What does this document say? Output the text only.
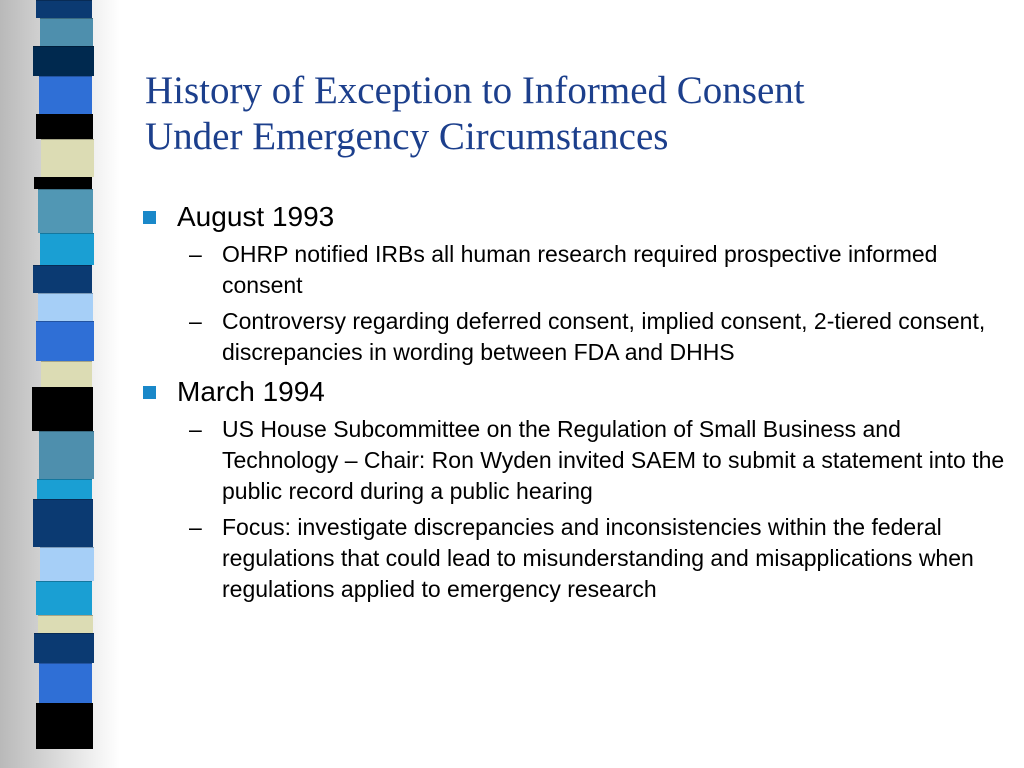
History of Exception to Informed Consent
Under Emergency Circumstances
August 1993
– OHRP notified IRBs all human research required prospective informed consent
– Controversy regarding deferred consent, implied consent, 2-tiered consent, discrepancies in wording between FDA and DHHS
March 1994
– US House Subcommittee on the Regulation of Small Business and Technology – Chair: Ron Wyden invited SAEM to submit a statement into the public record during a public hearing
– Focus: investigate discrepancies and inconsistencies within the federal regulations that could lead to misunderstanding and misapplications when regulations applied to emergency research
